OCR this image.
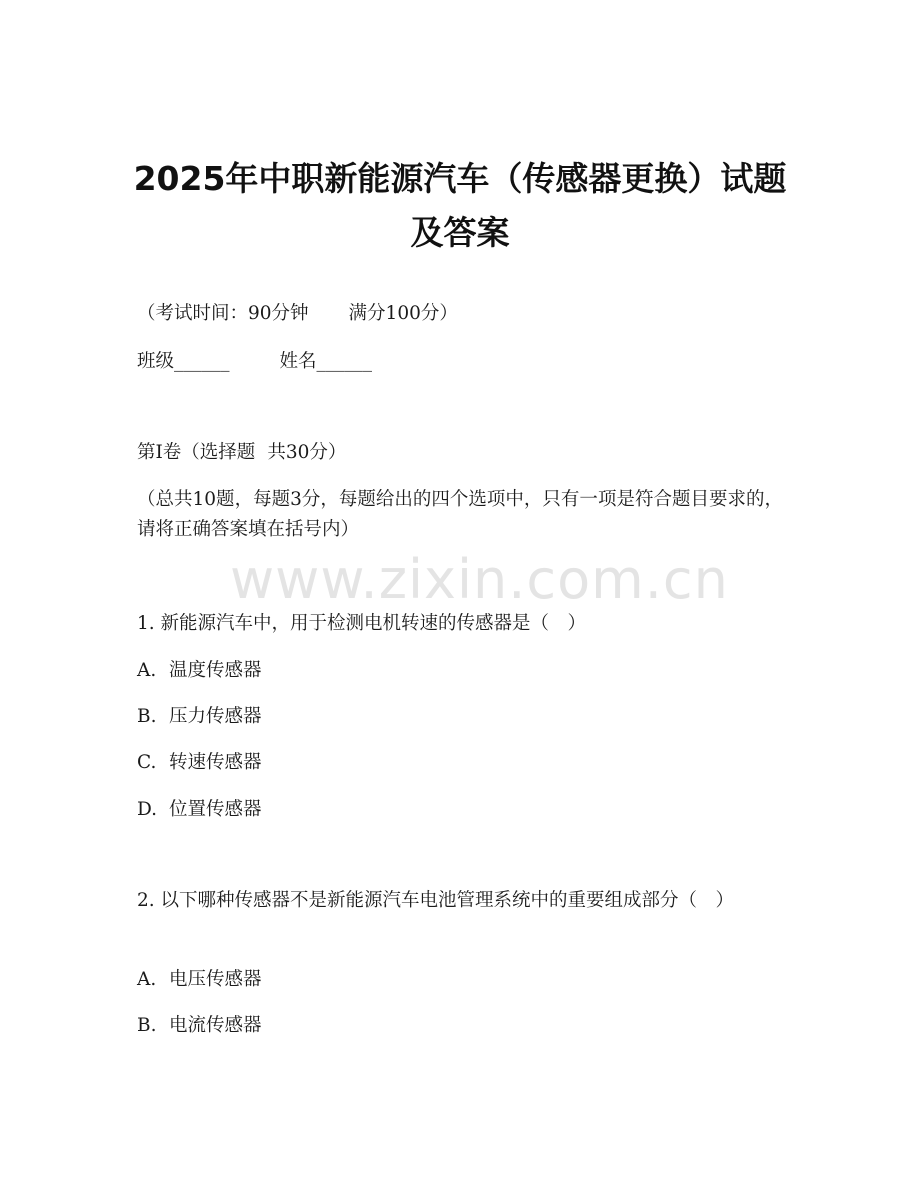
www.zixin.com.cn
2025年中职新能源汽车（传感器更换）试题
及答案
（考试时间：90分钟 满分100分）
班级______	姓名______
第I卷（选择题 共30分）
（总共10题，每题3分，每题给出的四个选项中，只有一项是符合题目要求的，请将正确答案填在括号内）
1. 新能源汽车中，用于检测电机转速的传感器是（　）
A. 温度传感器
B. 压力传感器
C. 转速传感器
D. 位置传感器
2. 以下哪种传感器不是新能源汽车电池管理系统中的重要组成部分（　）
A. 电压传感器
B. 电流传感器
